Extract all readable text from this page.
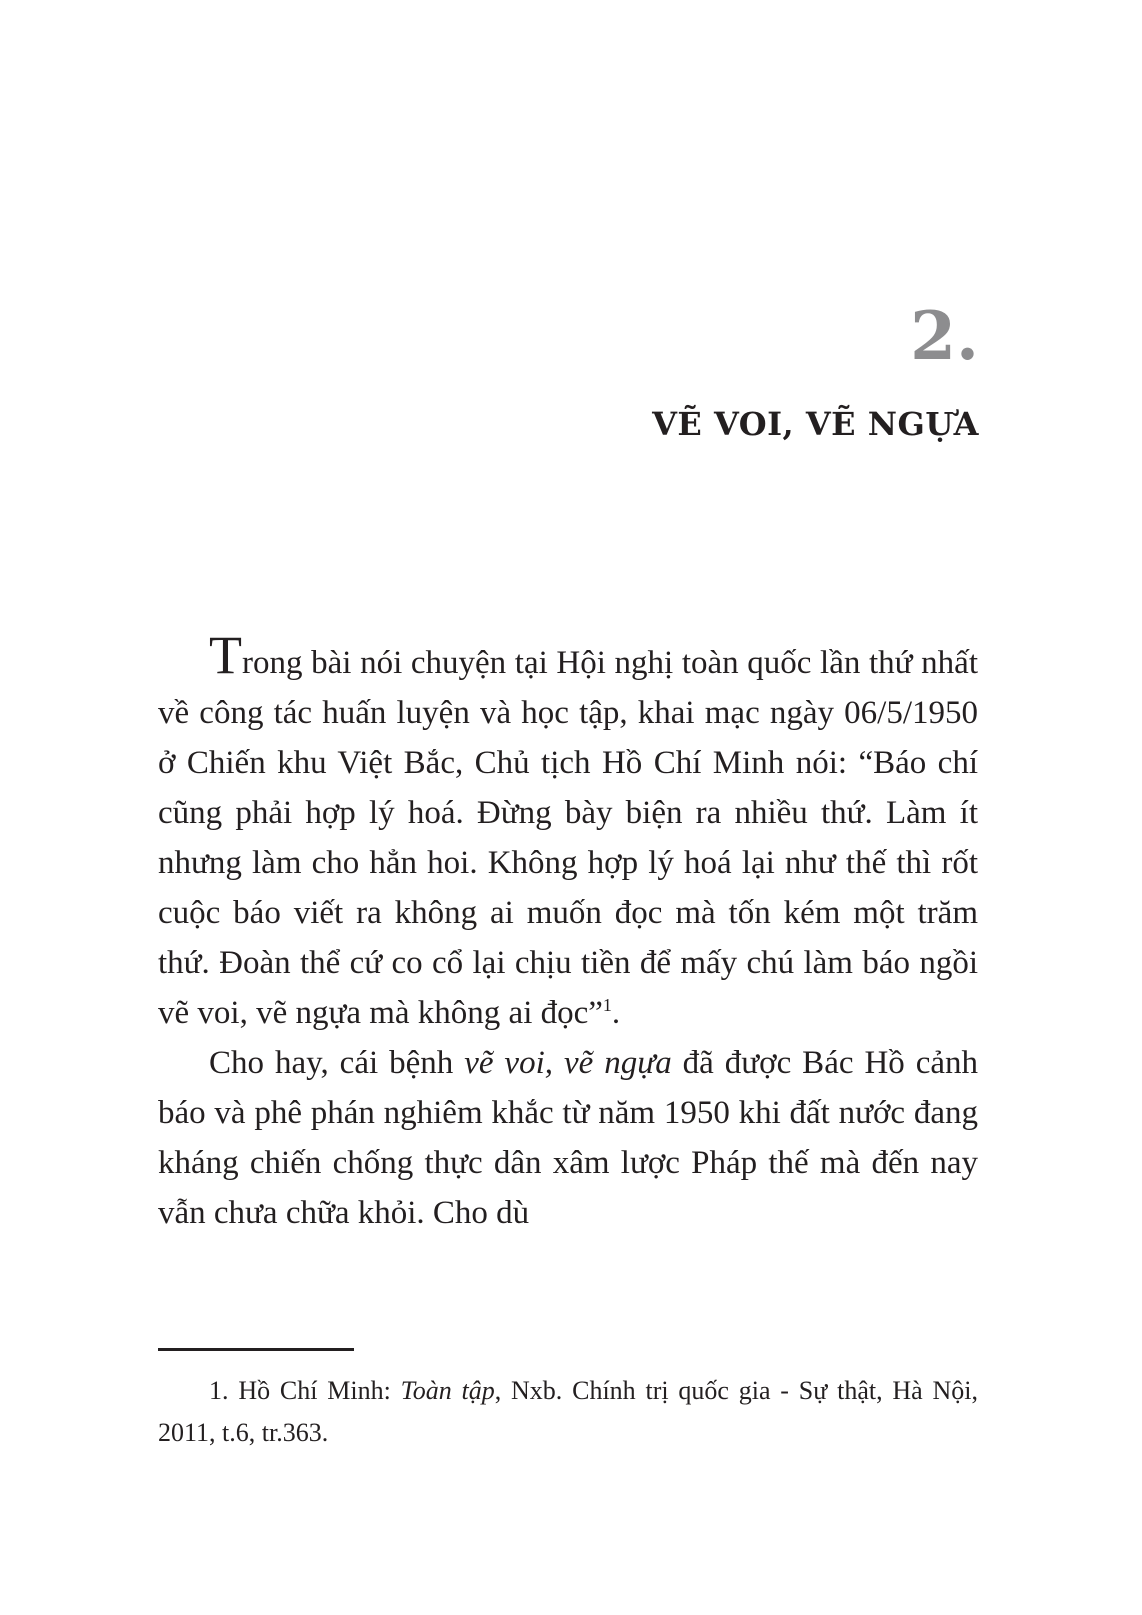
2.
VẼ VOI, VẼ NGỰA

Trong bài nói chuyện tại Hội nghị toàn quốc lần thứ nhất về công tác huấn luyện và học tập, khai mạc ngày 06/5/1950 ở Chiến khu Việt Bắc, Chủ tịch Hồ Chí Minh nói: “Báo chí cũng phải hợp lý hoá. Đừng bày biện ra nhiều thứ. Làm ít nhưng làm cho hẳn hoi. Không hợp lý hoá lại như thế thì rốt cuộc báo viết ra không ai muốn đọc mà tốn kém một trăm thứ. Đoàn thể cứ co cổ lại chịu tiền để mấy chú làm báo ngồi vẽ voi, vẽ ngựa mà không ai đọc”$^1$.

Cho hay, cái bệnh vẽ voi, vẽ ngựa đã được Bác Hồ cảnh báo và phê phán nghiêm khắc từ năm 1950 khi đất nước đang kháng chiến chống thực dân xâm lược Pháp thế mà đến nay vẫn chưa chữa khỏi. Cho dù

1. Hồ Chí Minh: Toàn tập, Nxb. Chính trị quốc gia - Sự thật, Hà Nội, 2011, t.6, tr.363.
